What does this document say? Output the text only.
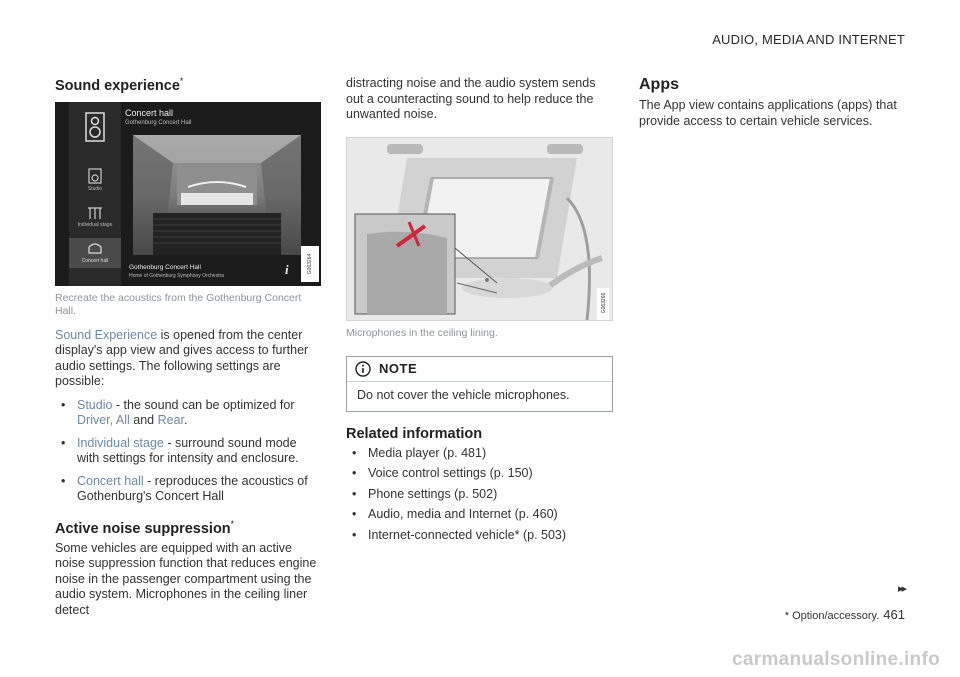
AUDIO, MEDIA AND INTERNET
Sound experience*
Studio
Individual stage
Concert hall
Concert hall
Gothenburg Concert Hall
Gothenburg Concert Hall
Home of Gothenburg Symphony Orchestra	i	G063264

Recreate the acoustics from the Gothenburg Concert Hall.

Sound Experience is opened from the center display's app view and gives access to further audio settings. The following settings are possible:

• Studio - the sound can be optimized for Driver, All and Rear.
• Individual stage - surround sound mode with settings for intensity and enclosure.
• Concert hall - reproduces the acoustics of Gothenburg's Concert Hall
Active noise suppression*

Some vehicles are equipped with an active noise suppression function that reduces engine noise in the passenger compartment using the audio system. Microphones in the ceiling liner detect

distracting noise and the audio system sends out a counteracting sound to help reduce the unwanted noise.

G063266

Microphones in the ceiling lining.

NOTE
Do not cover the vehicle microphones.
Related information
• Media player (p. 481)
• Voice control settings (p. 150)
• Phone settings (p. 502)
• Audio, media and Internet (p. 460)
• Internet-connected vehicle* (p. 503)
Apps

The App view contains applications (apps) that provide access to certain vehicle services.

▸▸
* Option/accessory. 461
carmanualsonline.info
